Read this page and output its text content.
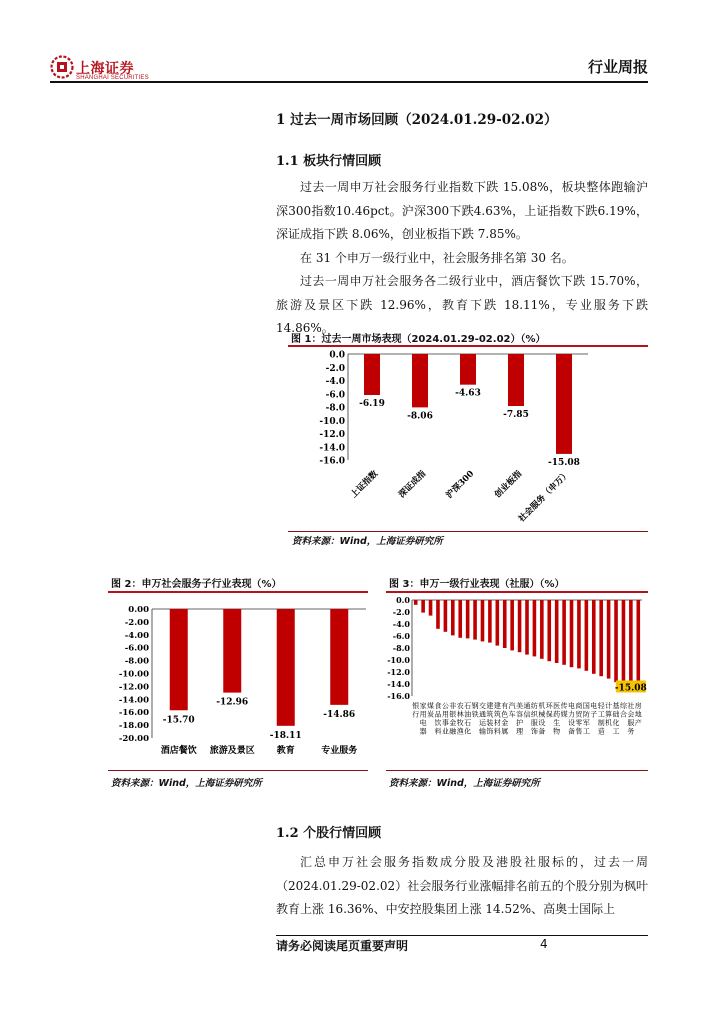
上海证券
SHANGHAI SECURITIES
行业周报
1 过去一周市场回顾（2024.01.29-02.02）
1.1 板块行情回顾

过去一周申万社会服务行业指数下跌 15.08%，板块整体跑输沪深300指数10.46pct。沪深300下跌4.63%，上证指数下跌6.19%，深证成指下跌 8.06%，创业板指下跌 7.85%。

在 31 个申万一级行业中，社会服务排名第 30 名。

过去一周申万社会服务各二级行业中，酒店餐饮下跌 15.70%，旅游及景区下跌 12.96%，教育下跌 18.11%，专业服务下跌 14.86%。

图 1：过去一周市场表现（2024.01.29-02.02）（%）
0.0
-2.0
-4.0
-6.0
-8.0
-10.0
-12.0
-14.0
-16.0
-6.19
上证指数
-8.06
深证成指
-4.63
沪深300
-7.85
创业板指
-15.08
社会服务（申万）
资料来源：Wind，上海证券研究所
图 2：申万社会服务子行业表现（%）
0.00
-2.00
-4.00
-6.00
-8.00
-10.00
-12.00
-14.00
-16.00
-18.00
-20.00
-15.70
酒店餐饮
-12.96
旅游及景区
-18.11
教育
-14.86
专业服务
资料来源：Wind，上海证券研究所
图 3：申万一级行业表现（社服）（%）
0.0
-2.0
-4.0
-6.0
-8.0
-10.0
-12.0
-14.0
-16.0
银
行
家
用
电
器
煤
炭
食
品
饮
料
公
用
事
业
非
银
金
融
农
林
牧
渔
石
油
石
化
钢
铁
交
通
运
输
建
筑
装
饰
建
筑
材
料
有
色
金
属
汽
车
美
容
护
理
通
信
纺
织
服
饰
机
械
设
备
环
保
医
药
生
物
传
媒
电
力
设
备
商
贸
零
售
国
防
军
工
电
子
轻
工
制
造
计
算
机
基
础
化
工
综
合
社
会
服
务
房
地
产
-15.08
资料来源：Wind，上海证券研究所
1.2 个股行情回顾

汇总申万社会服务指数成分股及港股社服标的，过去一周（2024.01.29-02.02）社会服务行业涨幅排名前五的个股分别为枫叶教育上涨 16.36%、中安控股集团上涨 14.52%、高奥士国际上

请务必阅读尾页重要声明	4
